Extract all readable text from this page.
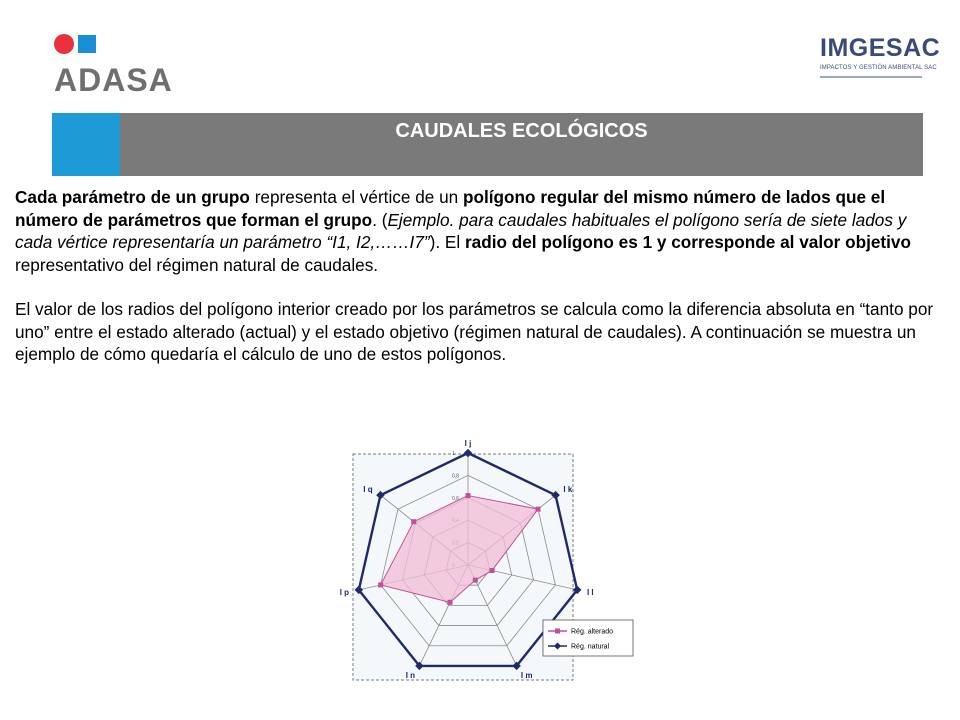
ADASA
IMGESAC
IMPACTOS Y GESTIÓN AMBIENTAL SAC
CAUDALES ECOLÓGICOS

Cada parámetro de un grupo representa el vértice de un polígono regular del mismo número de lados que el número de parámetros que forman el grupo. (Ejemplo. para caudales habituales el polígono sería de siete lados y cada vértice representaría un parámetro “I1, I2,……I7”). El radio del polígono es 1 y corresponde al valor objetivo representativo del régimen natural de caudales.

El valor de los radios del polígono interior creado por los parámetros se calcula como la diferencia absoluta en “tanto por uno” entre el estado alterado (actual) y el estado objetivo (régimen natural de caudales). A continuación se muestra un ejemplo de cómo quedaría el cálculo de uno de estos polígonos.

0,6
0,8
1
I j
I k
I l
I m
I n
I p
I q
Rég. alterado
Rég. natural
